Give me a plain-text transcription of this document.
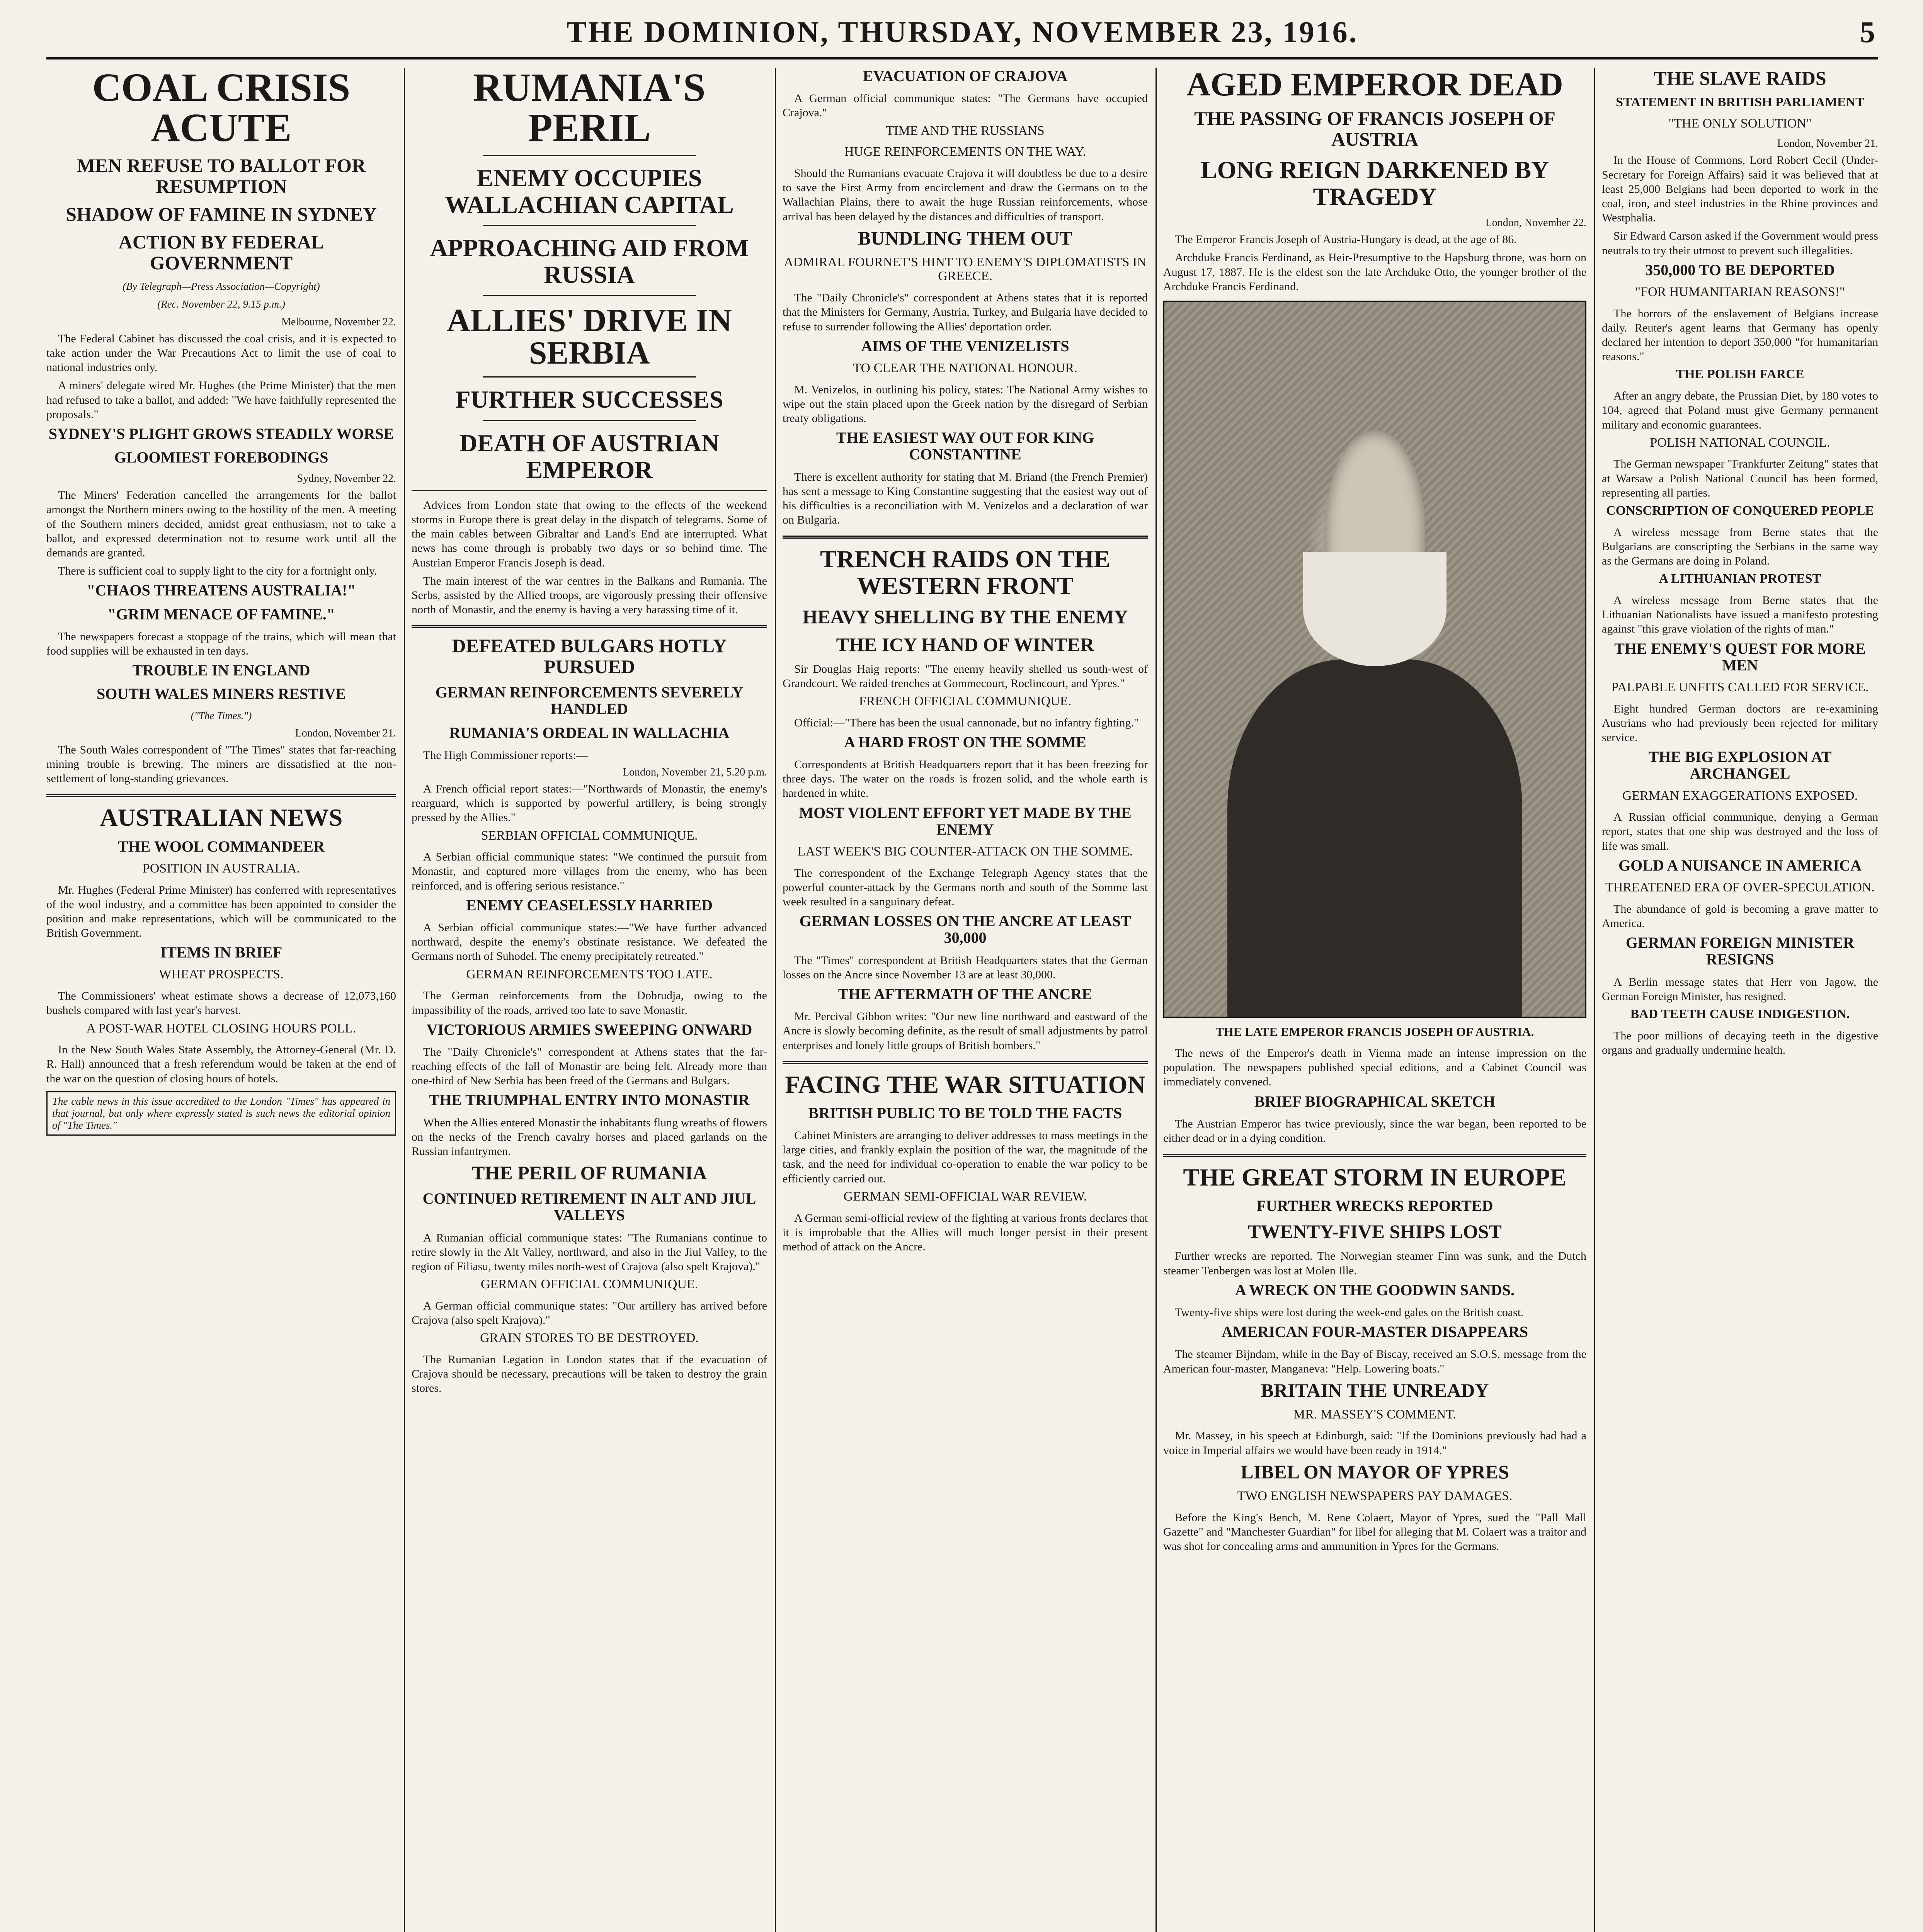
THE DOMINION, THURSDAY, NOVEMBER 23, 1916.	5
COAL CRISIS ACUTE
MEN REFUSE TO BALLOT FOR RESUMPTION
SHADOW OF FAMINE IN SYDNEY
ACTION BY FEDERAL GOVERNMENT
(By Telegraph—Press Association—Copyright)
(Rec. November 22, 9.15 p.m.)
Melbourne, November 22.

The Federal Cabinet has discussed the coal crisis, and it is expected to take action under the War Precautions Act to limit the use of coal to national industries only.

A miners' delegate wired Mr. Hughes (the Prime Minister) that the men had refused to take a ballot, and added: "We have faithfully represented the proposals."

SYDNEY'S PLIGHT GROWS STEADILY WORSE
GLOOMIEST FOREBODINGS
Sydney, November 22.

The Miners' Federation cancelled the arrangements for the ballot amongst the Northern miners owing to the hostility of the men. A meeting of the Southern miners decided, amidst great enthusiasm, not to take a ballot, and expressed determination not to resume work until all the demands are granted.

There is sufficient coal to supply light to the city for a fortnight only.

"CHAOS THREATENS AUSTRALIA!"
"GRIM MENACE OF FAMINE."

The newspapers forecast a stoppage of the trains, which will mean that food supplies will be exhausted in ten days.

TROUBLE IN ENGLAND
SOUTH WALES MINERS RESTIVE
("The Times.")
London, November 21.

The South Wales correspondent of "The Times" states that far-reaching mining trouble is brewing. The miners are dissatisfied at the non-settlement of long-standing grievances.

AUSTRALIAN NEWS
THE WOOL COMMANDEER
POSITION IN AUSTRALIA.

Mr. Hughes (Federal Prime Minister) has conferred with representatives of the wool industry, and a committee has been appointed to consider the position and make representations, which will be communicated to the British Government.

ITEMS IN BRIEF
WHEAT PROSPECTS.

The Commissioners' wheat estimate shows a decrease of 12,073,160 bushels compared with last year's harvest.

A POST-WAR HOTEL CLOSING HOURS POLL.

In the New South Wales State Assembly, the Attorney-General (Mr. D. R. Hall) announced that a fresh referendum would be taken at the end of the war on the question of closing hours of hotels.

The cable news in this issue accredited to the London "Times" has appeared in that journal, but only where expressly stated is such news the editorial opinion of "The Times."
RUMANIA'S PERIL
ENEMY OCCUPIES WALLACHIAN CAPITAL
APPROACHING AID FROM RUSSIA
ALLIES' DRIVE IN SERBIA
FURTHER SUCCESSES
DEATH OF AUSTRIAN EMPEROR

Advices from London state that owing to the effects of the weekend storms in Europe there is great delay in the dispatch of telegrams. Some of the main cables between Gibraltar and Land's End are interrupted. What news has come through is probably two days or so behind time. The Austrian Emperor Francis Joseph is dead.

The main interest of the war centres in the Balkans and Rumania. The Serbs, assisted by the Allied troops, are vigorously pressing their offensive north of Monastir, and the enemy is having a very harassing time of it.

DEFEATED BULGARS HOTLY PURSUED
GERMAN REINFORCEMENTS SEVERELY HANDLED
RUMANIA'S ORDEAL IN WALLACHIA

The High Commissioner reports:—

London, November 21, 5.20 p.m.

A French official report states:—"Northwards of Monastir, the enemy's rearguard, which is supported by powerful artillery, is being strongly pressed by the Allies."

SERBIAN OFFICIAL COMMUNIQUE.

A Serbian official communique states: "We continued the pursuit from Monastir, and captured more villages from the enemy, who has been reinforced, and is offering serious resistance."

ENEMY CEASELESSLY HARRIED

A Serbian official communique states:—"We have further advanced northward, despite the enemy's obstinate resistance. We defeated the Germans north of Suhodel. The enemy precipitately retreated."

GERMAN REINFORCEMENTS TOO LATE.

The German reinforcements from the Dobrudja, owing to the impassibility of the roads, arrived too late to save Monastir.

VICTORIOUS ARMIES SWEEPING ONWARD

The "Daily Chronicle's" correspondent at Athens states that the far-reaching effects of the fall of Monastir are being felt. Already more than one-third of New Serbia has been freed of the Germans and Bulgars.

THE TRIUMPHAL ENTRY INTO MONASTIR

When the Allies entered Monastir the inhabitants flung wreaths of flowers on the necks of the French cavalry horses and placed garlands on the Russian infantrymen.

THE PERIL OF RUMANIA
CONTINUED RETIREMENT IN ALT AND JIUL VALLEYS

A Rumanian official communique states: "The Rumanians continue to retire slowly in the Alt Valley, northward, and also in the Jiul Valley, to the region of Filiasu, twenty miles north-west of Crajova (also spelt Krajova)."

GERMAN OFFICIAL COMMUNIQUE.

A German official communique states: "Our artillery has arrived before Crajova (also spelt Krajova)."

GRAIN STORES TO BE DESTROYED.

The Rumanian Legation in London states that if the evacuation of Crajova should be necessary, precautions will be taken to destroy the grain stores.

EVACUATION OF CRAJOVA

A German official communique states: "The Germans have occupied Crajova."

TIME AND THE RUSSIANS
HUGE REINFORCEMENTS ON THE WAY.

Should the Rumanians evacuate Crajova it will doubtless be due to a desire to save the First Army from encirclement and draw the Germans on to the Wallachian Plains, there to await the huge Russian reinforcements, whose arrival has been delayed by the distances and difficulties of transport.

BUNDLING THEM OUT
ADMIRAL FOURNET'S HINT TO ENEMY'S DIPLOMATISTS IN GREECE.

The "Daily Chronicle's" correspondent at Athens states that it is reported that the Ministers for Germany, Austria, Turkey, and Bulgaria have decided to refuse to surrender following the Allies' deportation order.

AIMS OF THE VENIZELISTS
TO CLEAR THE NATIONAL HONOUR.

M. Venizelos, in outlining his policy, states: The National Army wishes to wipe out the stain placed upon the Greek nation by the disregard of Serbian treaty obligations.

THE EASIEST WAY OUT FOR KING CONSTANTINE

There is excellent authority for stating that M. Briand (the French Premier) has sent a message to King Constantine suggesting that the easiest way out of his difficulties is a reconciliation with M. Venizelos and a declaration of war on Bulgaria.

TRENCH RAIDS ON THE WESTERN FRONT
HEAVY SHELLING BY THE ENEMY
THE ICY HAND OF WINTER

Sir Douglas Haig reports: "The enemy heavily shelled us south-west of Grandcourt. We raided trenches at Gommecourt, Roclincourt, and Ypres."

FRENCH OFFICIAL COMMUNIQUE.

Official:—"There has been the usual cannonade, but no infantry fighting."

A HARD FROST ON THE SOMME

Correspondents at British Headquarters report that it has been freezing for three days. The water on the roads is frozen solid, and the whole earth is hardened in white.

MOST VIOLENT EFFORT YET MADE BY THE ENEMY
LAST WEEK'S BIG COUNTER-ATTACK ON THE SOMME.

The correspondent of the Exchange Telegraph Agency states that the powerful counter-attack by the Germans north and south of the Somme last week resulted in a sanguinary defeat.

GERMAN LOSSES ON THE ANCRE AT LEAST 30,000

The "Times" correspondent at British Headquarters states that the German losses on the Ancre since November 13 are at least 30,000.

THE AFTERMATH OF THE ANCRE

Mr. Percival Gibbon writes: "Our new line northward and eastward of the Ancre is slowly becoming definite, as the result of small adjustments by patrol enterprises and lonely little groups of British bombers."

FACING THE WAR SITUATION
BRITISH PUBLIC TO BE TOLD THE FACTS

Cabinet Ministers are arranging to deliver addresses to mass meetings in the large cities, and frankly explain the position of the war, the magnitude of the task, and the need for individual co-operation to enable the war policy to be efficiently carried out.

GERMAN SEMI-OFFICIAL WAR REVIEW.

A German semi-official review of the fighting at various fronts declares that it is improbable that the Allies will much longer persist in their present method of attack on the Ancre.

AGED EMPEROR DEAD
THE PASSING OF FRANCIS JOSEPH OF AUSTRIA
LONG REIGN DARKENED BY TRAGEDY
London, November 22.

The Emperor Francis Joseph of Austria-Hungary is dead, at the age of 86.

Archduke Francis Ferdinand, as Heir-Presumptive to the Hapsburg throne, was born on August 17, 1887. He is the eldest son the late Archduke Otto, the younger brother of the Archduke Francis Ferdinand.

THE LATE EMPEROR FRANCIS JOSEPH OF AUSTRIA.

The news of the Emperor's death in Vienna made an intense impression on the population. The newspapers published special editions, and a Cabinet Council was immediately convened.

BRIEF BIOGRAPHICAL SKETCH

The Austrian Emperor has twice previously, since the war began, been reported to be either dead or in a dying condition.

THE GREAT STORM IN EUROPE
FURTHER WRECKS REPORTED
TWENTY-FIVE SHIPS LOST

Further wrecks are reported. The Norwegian steamer Finn was sunk, and the Dutch steamer Tenbergen was lost at Molen Ille.

A WRECK ON THE GOODWIN SANDS.

Twenty-five ships were lost during the week-end gales on the British coast.

AMERICAN FOUR-MASTER DISAPPEARS

The steamer Bijndam, while in the Bay of Biscay, received an S.O.S. message from the American four-master, Manganeva: "Help. Lowering boats."

BRITAIN THE UNREADY
MR. MASSEY'S COMMENT.

Mr. Massey, in his speech at Edinburgh, said: "If the Dominions previously had had a voice in Imperial affairs we would have been ready in 1914."

LIBEL ON MAYOR OF YPRES
TWO ENGLISH NEWSPAPERS PAY DAMAGES.

Before the King's Bench, M. Rene Colaert, Mayor of Ypres, sued the "Pall Mall Gazette" and "Manchester Guardian" for libel for alleging that M. Colaert was a traitor and was shot for concealing arms and ammunition in Ypres for the Germans.

THE SLAVE RAIDS
STATEMENT IN BRITISH PARLIAMENT
"THE ONLY SOLUTION"
London, November 21.

In the House of Commons, Lord Robert Cecil (Under-Secretary for Foreign Affairs) said it was believed that at least 25,000 Belgians had been deported to work in the coal, iron, and steel industries in the Rhine provinces and Westphalia.

Sir Edward Carson asked if the Government would press neutrals to try their utmost to prevent such illegalities.

350,000 TO BE DEPORTED
"FOR HUMANITARIAN REASONS!"

The horrors of the enslavement of Belgians increase daily. Reuter's agent learns that Germany has openly declared her intention to deport 350,000 "for humanitarian reasons."

THE POLISH FARCE

After an angry debate, the Prussian Diet, by 180 votes to 104, agreed that Poland must give Germany permanent military and economic guarantees.

POLISH NATIONAL COUNCIL.

The German newspaper "Frankfurter Zeitung" states that at Warsaw a Polish National Council has been formed, representing all parties.

CONSCRIPTION OF CONQUERED PEOPLE

A wireless message from Berne states that the Bulgarians are conscripting the Serbians in the same way as the Germans are doing in Poland.

A LITHUANIAN PROTEST

A wireless message from Berne states that the Lithuanian Nationalists have issued a manifesto protesting against "this grave violation of the rights of man."

THE ENEMY'S QUEST FOR MORE MEN
PALPABLE UNFITS CALLED FOR SERVICE.

Eight hundred German doctors are re-examining Austrians who had previously been rejected for military service.

THE BIG EXPLOSION AT ARCHANGEL
GERMAN EXAGGERATIONS EXPOSED.

A Russian official communique, denying a German report, states that one ship was destroyed and the loss of life was small.

GOLD A NUISANCE IN AMERICA
THREATENED ERA OF OVER-SPECULATION.

The abundance of gold is becoming a grave matter to America.

GERMAN FOREIGN MINISTER RESIGNS

A Berlin message states that Herr von Jagow, the German Foreign Minister, has resigned.

BAD TEETH CAUSE INDIGESTION.

The poor millions of decaying teeth in the digestive organs and gradually undermine health.
